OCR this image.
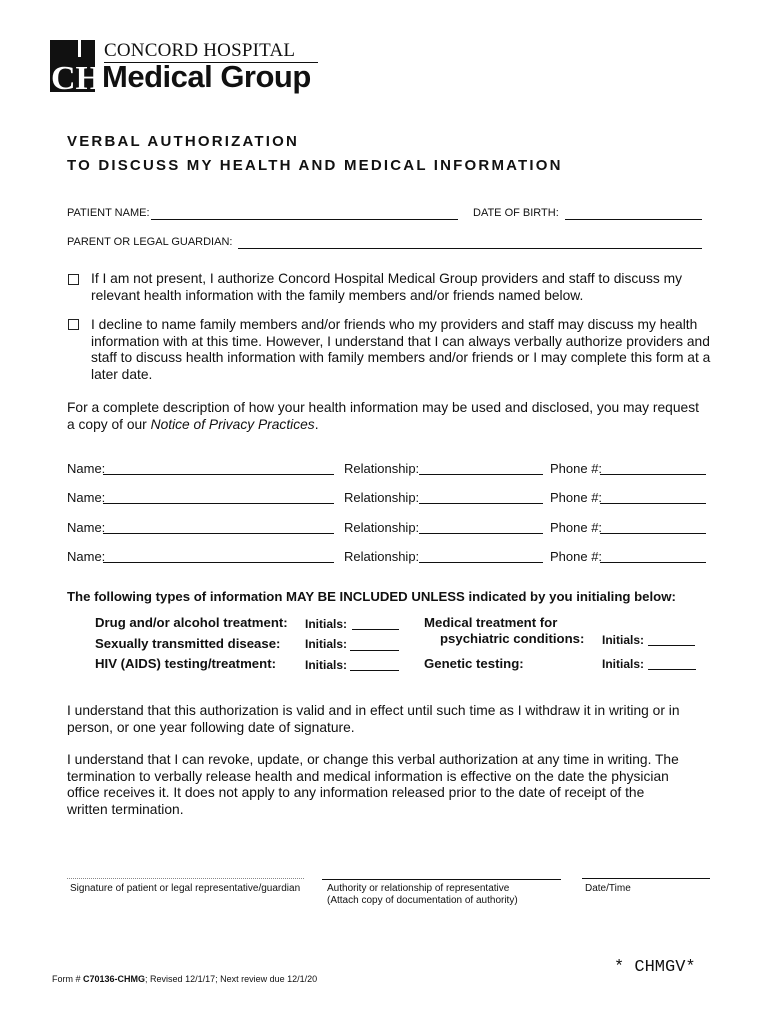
CH
CONCORD HOSPITAL
Medical Group
VERBAL AUTHORIZATION
TO DISCUSS MY HEALTH AND MEDICAL INFORMATION
PATIENT NAME:	DATE OF BIRTH:
PARENT OR LEGAL GUARDIAN:
If I am not present, I authorize Concord Hospital Medical Group providers and staff to discuss my
relevant health information with the family members and/or friends named below.
I decline to name family members and/or friends who my providers and staff may discuss my health
information with at this time. However, I understand that I can always verbally authorize providers and
staff to discuss health information with family members and/or friends or I may complete this form at a
later date.
For a complete description of how your health information may be used and disclosed, you may request
a copy of our Notice of Privacy Practices.
Name:	Relationship:	Phone #:
Name:	Relationship:	Phone #:
Name:	Relationship:	Phone #:
Name:	Relationship:	Phone #:
The following types of information MAY BE INCLUDED UNLESS indicated by you initialing below:
Drug and/or alcohol treatment: Initials:
Sexually transmitted disease: Initials:
HIV (AIDS) testing/treatment: Initials:
Medical treatment for
psychiatric conditions: Initials:
Genetic testing:	Initials:
I understand that this authorization is valid and in effect until such time as I withdraw it in writing or in
person, or one year following date of signature.
I understand that I can revoke, update, or change this verbal authorization at any time in writing. The
termination to verbally release health and medical information is effective on the date the physician
office receives it. It does not apply to any information released prior to the date of receipt of the
written termination.
Signature of patient or legal representative/guardian	Authority or relationship of representative
(Attach copy of documentation of authority)
Date/Time
Form # C70136-CHMG; Revised 12/1/17; Next review due 12/1/20
* CHMGV*
